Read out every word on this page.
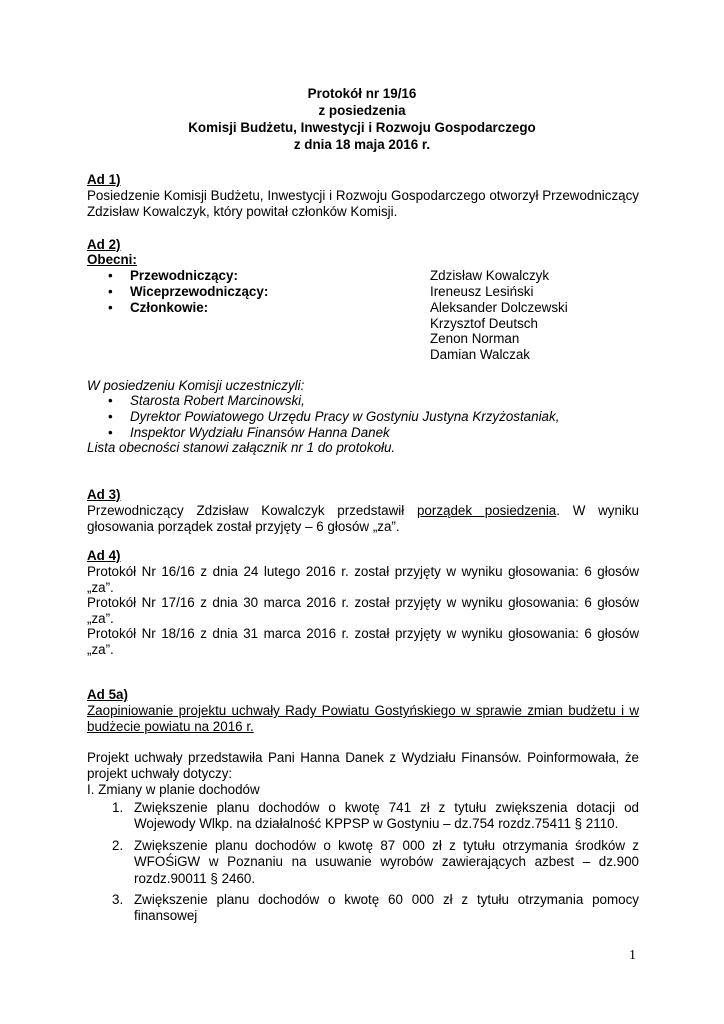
Protokół nr 19/16
z posiedzenia
Komisji Budżetu, Inwestycji i Rozwoju Gospodarczego
z dnia 18 maja 2016 r.
Ad 1)
Posiedzenie Komisji Budżetu, Inwestycji i Rozwoju Gospodarczego otworzył Przewodniczący Zdzisław Kowalczyk, który powitał członków Komisji.
Ad 2)
Obecni:
• Przewodniczący:	Zdzisław Kowalczyk
• Wiceprzewodniczący:	Ireneusz Lesiński
• Członkowie:	Aleksander Dolczewski
Krzysztof Deutsch
Zenon Norman
Damian Walczak
W posiedzeniu Komisji uczestniczyli:
• Starosta Robert Marcinowski,
• Dyrektor Powiatowego Urzędu Pracy w Gostyniu Justyna Krzyżostaniak,
• Inspektor Wydziału Finansów Hanna Danek
Lista obecności stanowi załącznik nr 1 do protokołu.
Ad 3)
Przewodniczący Zdzisław Kowalczyk przedstawił porządek posiedzenia. W wyniku głosowania porządek został przyjęty – 6 głosów „za”.
Ad 4)
Protokół Nr 16/16 z dnia 24 lutego 2016 r. został przyjęty w wyniku głosowania: 6 głosów „za”.
Protokół Nr 17/16 z dnia 30 marca 2016 r. został przyjęty w wyniku głosowania: 6 głosów „za”.
Protokół Nr 18/16 z dnia 31 marca 2016 r. został przyjęty w wyniku głosowania: 6 głosów „za”.
Ad 5a)
Zaopiniowanie projektu uchwały Rady Powiatu Gostyńskiego w sprawie zmian budżetu i w budżecie powiatu na 2016 r.
Projekt uchwały przedstawiła Pani Hanna Danek z Wydziału Finansów. Poinformowała, że projekt uchwały dotyczy:
I. Zmiany w planie dochodów
1. Zwiększenie planu dochodów o kwotę 741 zł z tytułu zwiększenia dotacji od Wojewody Wlkp. na działalność KPPSP w Gostyniu – dz.754 rozdz.75411 § 2110.
2. Zwiększenie planu dochodów o kwotę 87 000 zł z tytułu otrzymania środków z WFOŚiGW w Poznaniu na usuwanie wyrobów zawierających azbest – dz.900 rozdz.90011 § 2460.
3. Zwiększenie planu dochodów o kwotę 60 000 zł z tytułu otrzymania pomocy finansowej
1
